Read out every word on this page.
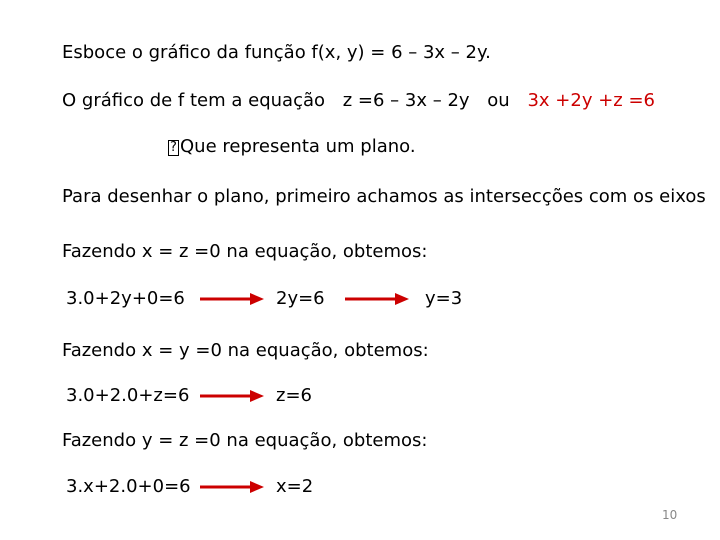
Esboce o gráfico da função f(x, y) = 6 – 3x – 2y.
O gráfico de f tem a equação z =6 – 3x – 2y ou 3x +2y +z =6
? Que representa um plano.
Para desenhar o plano, primeiro achamos as intersecções com os eixos
Fazendo x = z =0 na equação, obtemos:
3.0+2y+0=6	2y=6	y=3
Fazendo x = y =0 na equação, obtemos:
3.0+2.0+z=6	z=6
Fazendo y = z =0 na equação, obtemos:
3.x+2.0+0=6	x=2
10
